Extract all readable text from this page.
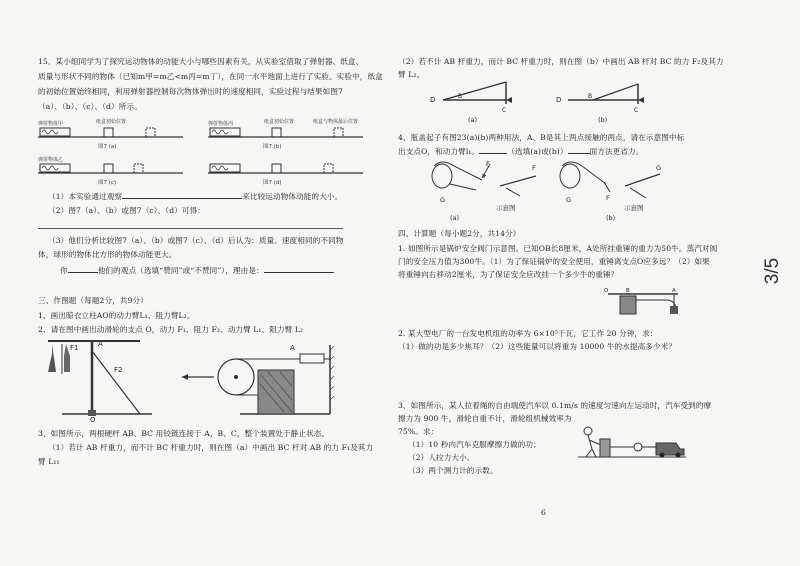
15．某小组同学为了探究运动物体的动能大小与哪些因素有关，从实验室借取了弹射器、纸盒、
质量与形状不同的物体（已知m甲=m乙<m丙=m丁），在同一水平地面上进行了实验。实验中，纸盒
的初始位置始终相同，利用弹射器控制每次物体弹出时的速度相同，实验过程与结果如图7
（a）、（b）、（c）、（d）所示。
弹射物体甲	纸盒初始位置
图7 (a)
弹射物体丙	纸盒初始位置	纸盒与物体最后位置
图7 (b)
弹射物体乙
图7 (c)	图7 (d)
（1）本实验通过观察	来比较运动物体动能的大小。
（2）图7（a）、（b）或图7（c）、（d）可得：
（3）他们分析比较图7（a）、（b）或图7（c）、（d）后认为：质量、速度相同的不同物
体，球形的物体比方形的物体动能更大。
你	他们的观点（选填“赞同”或“不赞同”），理由是：
三、作图题（每题2分，共9分）
1、画出晾衣立柱AO的动力臂L₁、阻力臂L₂。
2、请在图中画出动滑轮的支点 O，动力 F₁、阻力 F₂、动力臂 L₁、阻力臂 L₂
F1	A
F2
O
A
3、如图所示，两根硬杆 AB、BC 用铰链连接于 A、B、C，整个装置处于静止状态。
（1）若计 AB 杆重力，而不计 BC 杆重力时，则在图（a）中画出 BC 杆对 AB 的力 F₁及其力
臂 L₁₁
（2）若不计 AB 杆重力，而计 BC 杆重力时，则在图（b）中画出 AB 杆对 BC 的力 F₂及其力
臂 L₂。
D	B
C
(a)
D	B
C
(b)
4、瓶盖起子有图23(a)(b)两种用法，A、B是其上两点接触的两点，请在示意图中标
出支点O，和动力臂l₁。	（选填(a)或(b)）	面方法更省力。
F
G
F
示意图
(a)
F
G
G
示意图
(b)
四、计算题（每小题2分，共14分）
1. 如图所示是锅炉安全阀门示意图。已知OB长8厘米，A处所挂重锤的重力为50牛。蒸汽对阀
门的安全压力值为300牛。（1）为了保证锅炉的安全使用，重锤离支点O应多远？（2）如果
将重锤向右移动2厘米，为了保证安全应改挂一个多少牛的重锤？
O	B	A
2. 某大型电厂的一台发电机组的功率为 6×10⁵千瓦，它工作 20 分钟，求：
（1）做的功是多少焦耳？（2）这些能量可以将重为 10000 牛的水提高多少米？
3、如图所示，某人拉着绳的自由端使汽车以 0.1m/s 的速度匀速向左运动时，汽车受到的摩
擦力为 900 牛，滑轮自重不计，滑轮组机械效率为
75%。求：
（1）10 秒内汽车克服摩擦力做的功；
（2）人拉力大小。
（3）两个测力计的示数。
6
3/5
